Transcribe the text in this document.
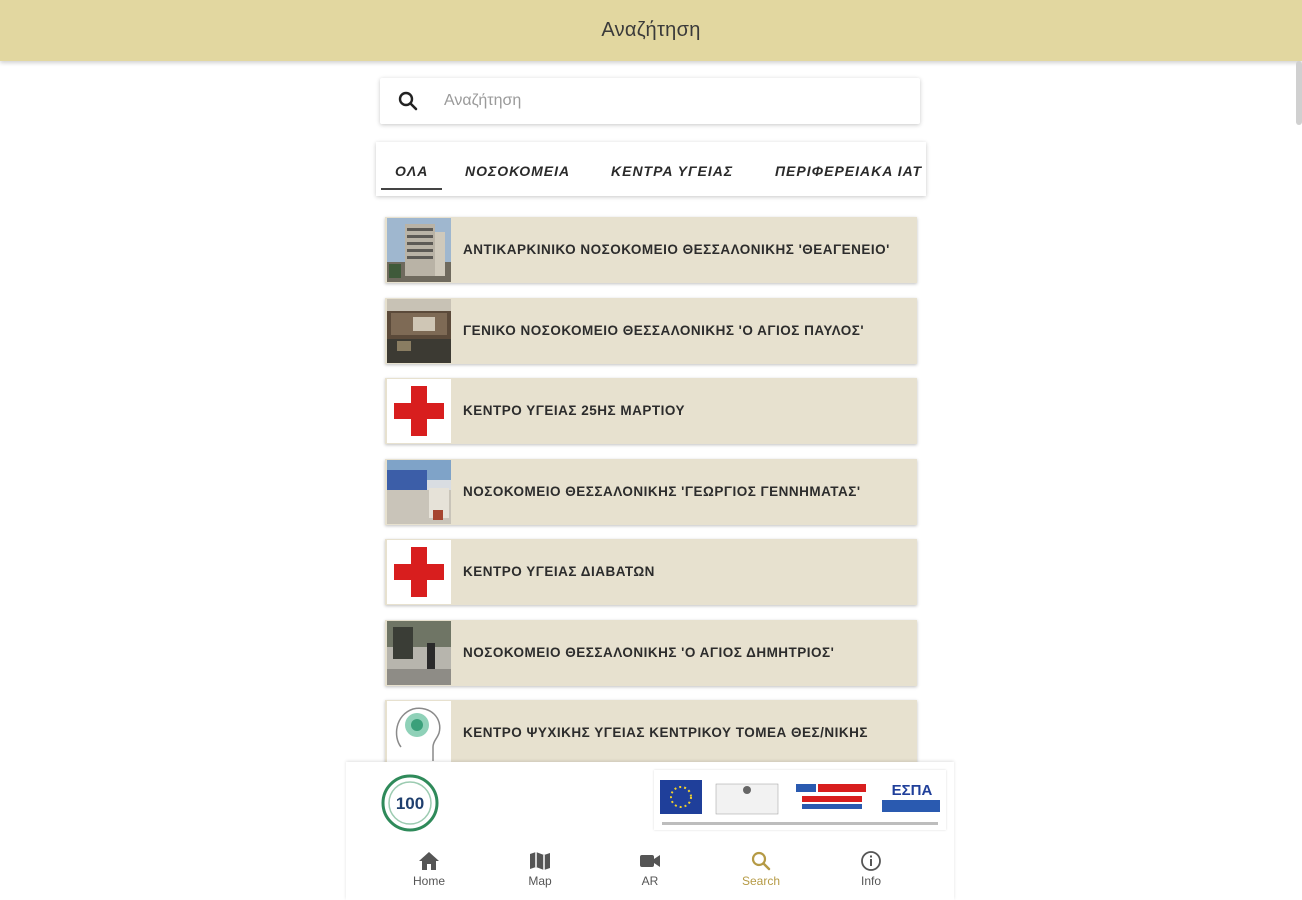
Αναζήτηση
Αναζήτηση
ΟΛΑ	ΝΟΣΟΚΟΜΕΙΑ	ΚΕΝΤΡΑ ΥΓΕΙΑΣ	ΠΕΡΙΦΕΡΕΙΑΚΑ ΙΑΤ
ΑΝΤΙΚΑΡΚΙΝΙΚΟ ΝΟΣΟΚΟΜΕΙΟ ΘΕΣΣΑΛΟΝΙΚΗΣ 'ΘΕΑΓΕΝΕΙΟ'
ΓΕΝΙΚΟ ΝΟΣΟΚΟΜΕΙΟ ΘΕΣΣΑΛΟΝΙΚΗΣ 'Ο ΑΓΙΟΣ ΠΑΥΛΟΣ'
ΚΕΝΤΡΟ ΥΓΕΙΑΣ 25ΗΣ ΜΑΡΤΙΟΥ
ΝΟΣΟΚΟΜΕΙΟ ΘΕΣΣΑΛΟΝΙΚΗΣ 'ΓΕΩΡΓΙΟΣ ΓΕΝΝΗΜΑΤΑΣ'
ΚΕΝΤΡΟ ΥΓΕΙΑΣ ΔΙΑΒΑΤΩΝ
ΝΟΣΟΚΟΜΕΙΟ ΘΕΣΣΑΛΟΝΙΚΗΣ 'Ο ΑΓΙΟΣ ΔΗΜΗΤΡΙΟΣ'
ΚΕΝΤΡΟ ΨΥΧΙΚΗΣ ΥΓΕΙΑΣ ΚΕΝΤΡΙΚΟΥ ΤΟΜΕΑ ΘΕΣ/ΝΙΚΗΣ
100
ΕΣΠΑ
Home	Map	AR	Search	Info
